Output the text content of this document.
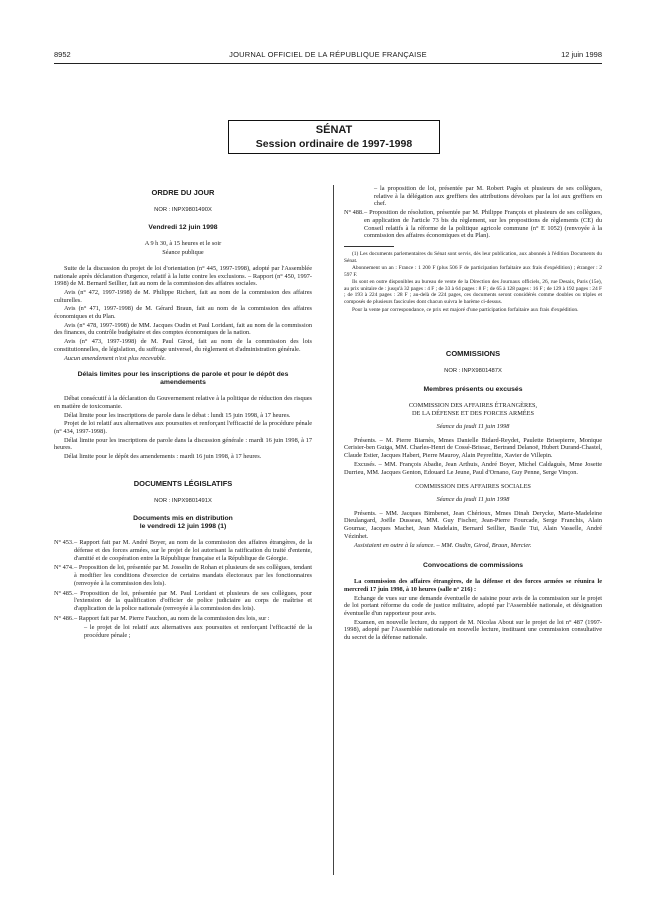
8952	JOURNAL OFFICIEL DE LA RÉPUBLIQUE FRANÇAISE	12 juin 1998
SÉNAT
Session ordinaire de 1997-1998
ORDRE DU JOUR
NOR : INPX9801490X
Vendredi 12 juin 1998
A 9 h 30, à 15 heures et le soir
Séance publique

Suite de la discussion du projet de loi d'orientation (n° 445, 1997-1998), adopté par l'Assemblée nationale après déclaration d'urgence, relatif à la lutte contre les exclusions. – Rapport (n° 450, 1997-1998) de M. Bernard Seillier, fait au nom de la commission des affaires sociales.

Avis (n° 472, 1997-1998) de M. Philippe Richert, fait au nom de la commission des affaires culturelles.

Avis (n° 471, 1997-1998) de M. Gérard Braun, fait au nom de la commission des affaires économiques et du Plan.

Avis (n° 478, 1997-1998) de MM. Jacques Oudin et Paul Loridant, fait au nom de la commission des finances, du contrôle budgétaire et des comptes économiques de la nation.

Avis (n° 473, 1997-1998) de M. Paul Girod, fait au nom de la commission des lois constitutionnelles, de législation, du suffrage universel, du règlement et d'administration générale.

Aucun amendement n'est plus recevable.

Délais limites pour les inscriptions de parole et pour le dépôt des amendements

Débat consécutif à la déclaration du Gouvernement relative à la politique de réduction des risques en matière de toxicomanie.

Délai limite pour les inscriptions de parole dans le débat : lundi 15 juin 1998, à 17 heures.

Projet de loi relatif aux alternatives aux poursuites et renforçant l'efficacité de la procédure pénale (n° 434, 1997-1998).

Délai limite pour les inscriptions de parole dans la discussion générale : mardi 16 juin 1998, à 17 heures.

Délai limite pour le dépôt des amendements : mardi 16 juin 1998, à 17 heures.

DOCUMENTS LÉGISLATIFS
NOR : INPX9801491X
Documents mis en distribution
le vendredi 12 juin 1998 (1)
N° 453. – Rapport fait par M. André Boyer, au nom de la commission des affaires étrangères, de la défense et des forces armées, sur le projet de loi autorisant la ratification du traité d'entente, d'amitié et de coopération entre la République française et la République de Géorgie.
N° 474. – Proposition de loi, présentée par M. Josselin de Rohan et plusieurs de ses collègues, tendant à modifier les conditions d'exercice de certains mandats électoraux par les fonctionnaires (renvoyée à la commission des lois).
N° 485. – Proposition de loi, présentée par M. Paul Loridant et plusieurs de ses collègues, pour l'extension de la qualification d'officier de police judiciaire au corps de maîtrise et d'application de la police nationale (renvoyée à la commission des lois).
N° 486. – Rapport fait par M. Pierre Fauchon, au nom de la commission des lois, sur :
– le projet de loi relatif aux alternatives aux poursuites et renforçant l'efficacité de la procédure pénale ;
– la proposition de loi, présentée par M. Robert Pagès et plusieurs de ses collègues, relative à la délégation aux greffiers des attributions dévolues par la loi aux greffiers en chef.
N° 488. – Proposition de résolution, présentée par M. Philippe François et plusieurs de ses collègues, en application de l'article 73 bis du règlement, sur les propositions de règlements (CE) du Conseil relatifs à la réforme de la politique agricole commune (n° E 1052) (renvoyée à la commission des affaires économiques et du Plan).

(1) Les documents parlementaires du Sénat sont servis, dès leur publication, aux abonnés à l'édition Documents du Sénat.

Abonnement un an : France : 1 200 F (plus 506 F de participation forfaitaire aux frais d'expédition) ; étranger : 2 597 F.

Ils sont en outre disponibles au bureau de vente de la Direction des Journaux officiels, 26, rue Desaix, Paris (15e), au prix unitaire de : jusqu'à 32 pages : 4 F ; de 33 à 64 pages : 8 F ; de 65 à 128 pages : 16 F ; de 129 à 192 pages : 24 F ; de 193 à 224 pages : 28 F ; au-delà de 224 pages, ces documents seront considérés comme doubles ou triples et composés de plusieurs fascicules dont chacun suivra le barème ci-dessus.

Pour la vente par correspondance, ce prix est majoré d'une participation forfaitaire aux frais d'expédition.

COMMISSIONS
NOR : INPX9801487X
Membres présents ou excusés
COMMISSION DES AFFAIRES ÉTRANGÈRES,
DE LA DÉFENSE ET DES FORCES ARMÉES
Séance du jeudi 11 juin 1998

Présents. – M. Pierre Biarnès, Mmes Danielle Bidard-Reydet, Paulette Brisepierre, Monique Cerisier-ben Guiga, MM. Charles-Henri de Cossé-Brissac, Bertrand Delanoë, Hubert Durand-Chastel, Claude Estier, Jacques Habert, Pierre Mauroy, Alain Peyrefitte, Xavier de Villepin.

Excusés. – MM. François Abadie, Jean Arthuis, André Boyer, Michel Caldaguès, Mme Josette Durrieu, MM. Jacques Genton, Edouard Le Jeune, Paul d'Ornano, Guy Penne, Serge Vinçon.

COMMISSION DES AFFAIRES SOCIALES
Séance du jeudi 11 juin 1998

Présents. – MM. Jacques Bimbenet, Jean Chérioux, Mmes Dinah Derycke, Marie-Madeleine Dieulangard, Joëlle Dusseau, MM. Guy Fischer, Jean-Pierre Fourcade, Serge Franchis, Alain Gournac, Jacques Machet, Jean Madelain, Bernard Seillier, Basile Tui, Alain Vasselle, André Vézinhet.

Assistaient en outre à la séance. – MM. Oudin, Girod, Braun, Mercier.

Convocations de commissions

La commission des affaires étrangères, de la défense et des forces armées se réunira le mercredi 17 juin 1998, à 10 heures (salle n° 216) :

Echange de vues sur une demande éventuelle de saisine pour avis de la commission sur le projet de loi portant réforme du code de justice militaire, adopté par l'Assemblée nationale, et désignation éventuelle d'un rapporteur pour avis.

Examen, en nouvelle lecture, du rapport de M. Nicolas About sur le projet de loi n° 487 (1997-1998), adopté par l'Assemblée nationale en nouvelle lecture, instituant une commission consultative du secret de la défense nationale.
